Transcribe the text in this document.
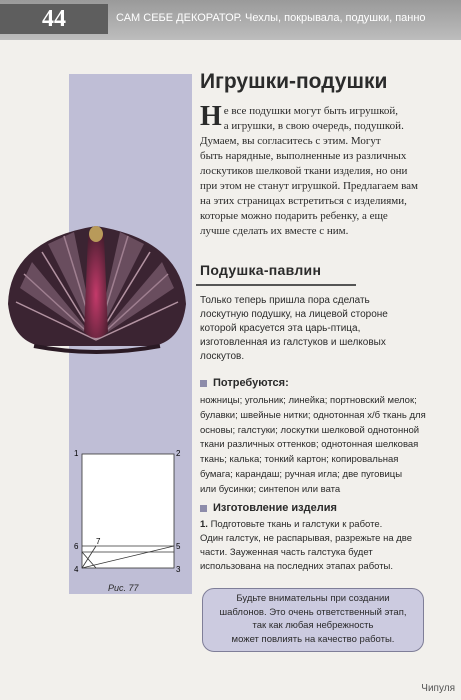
44	САМ СЕБЕ ДЕКОРАТОР. Чехлы, покрывала, подушки, панно
Игрушки-подушки
Н е все подушки могут быть игрушкой,
а игрушки, в свою очередь, подушкой.
Думаем, вы согласитесь с этим. Могут
быть нарядные, выполненные из различных
лоскутиков шелковой ткани изделия, но они
при этом не станут игрушкой. Предлагаем вам
на этих страницах встретиться с изделиями,
которые можно подарить ребенку, а еще
лучше сделать их вместе с ним.
Подушка-павлин
Только теперь пришла пора сделать
лоскутную подушку, на лицевой стороне
которой красуется эта царь-птица,
изготовленная из галстуков и шелковых
лоскутов.
Потребуются:
ножницы; угольник; линейка; портновский мелок;
булавки; швейные нитки; однотонная х/б ткань для
основы; галстуки; лоскутки шелковой однотонной
ткани различных оттенков; однотонная шелковая
ткань; калька; тонкий картон; копировальная
бумага; карандаш; ручная игла; две пуговицы
или бусинки; синтепон или вата
Изготовление изделия
1. Подготовьте ткань и галстуки к работе.
Один галстук, не распарывая, разрежьте на две
части. Зауженная часть галстука будет
использована на последних этапах работы.
1	2
3
4
5
6
7
Рис. 77
Будьте внимательны при создании
шаблонов. Это очень ответственный этап,
так как любая небрежность
может повлиять на качество работы.
Чипуля
